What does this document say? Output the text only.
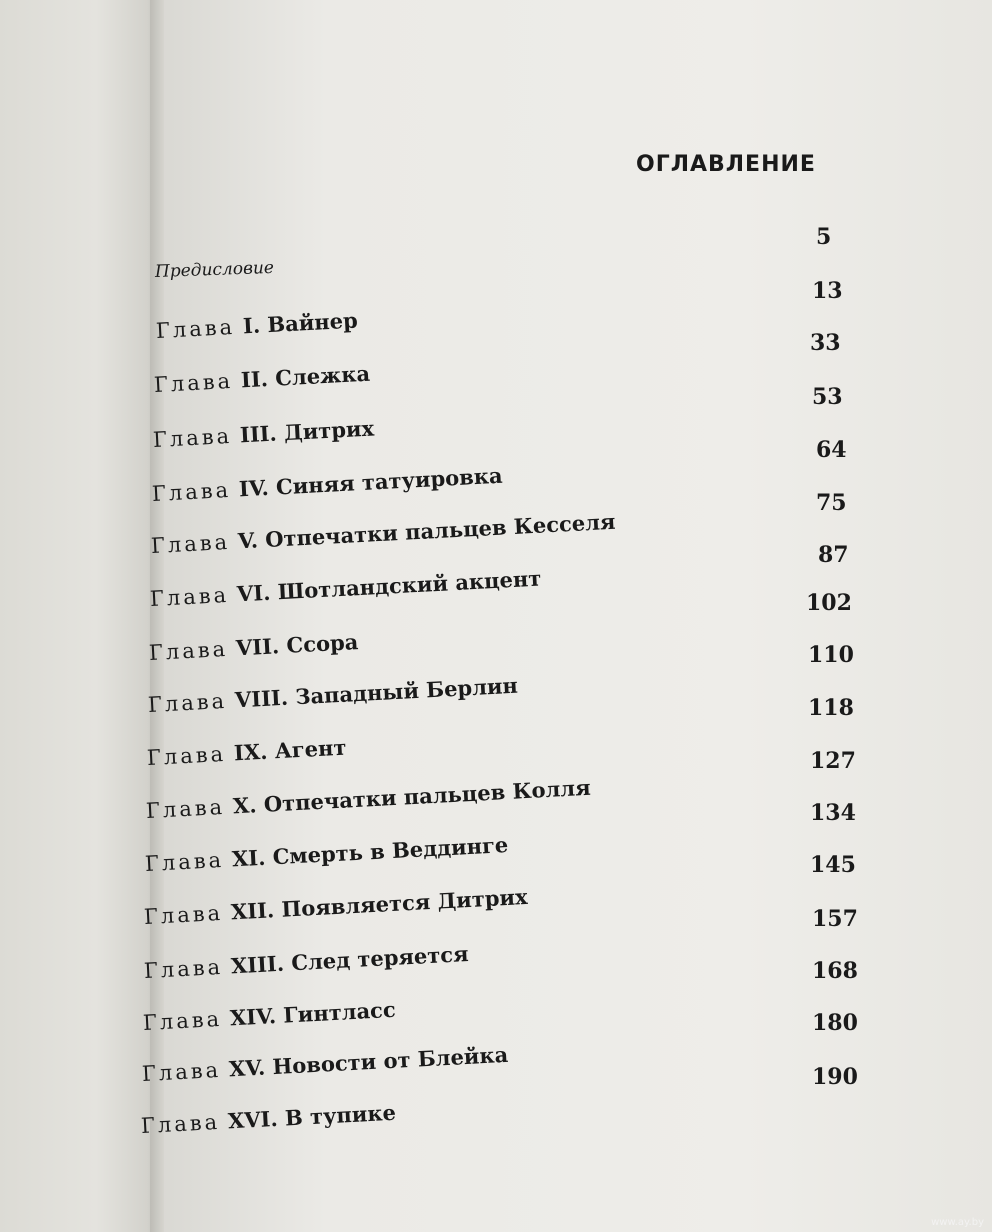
ОГЛАВЛЕНИЕ
5
Предисловие
Глава I. Вайнер
Глава II. Слежка
Глава III. Дитрих
Глава IV. Синяя татуировка
Глава V. Отпечатки пальцев Кесселя
Глава VI. Шотландский акцент
Глава VII. Ссора
Глава VIII. Западный Берлин
Глава IX. Агент
Глава X. Отпечатки пальцев Колля
Глава XI. Смерть в Веддинге
Глава XII. Появляется Дитрих
Глава XIII. След теряется
Глава XIV. Гинтласс
Глава XV. Новости от Блейка
Глава XVI. В тупике
13
33
53
64
75
87
102
110
118
127
134
145
157
168
180
190
www.ay.by
